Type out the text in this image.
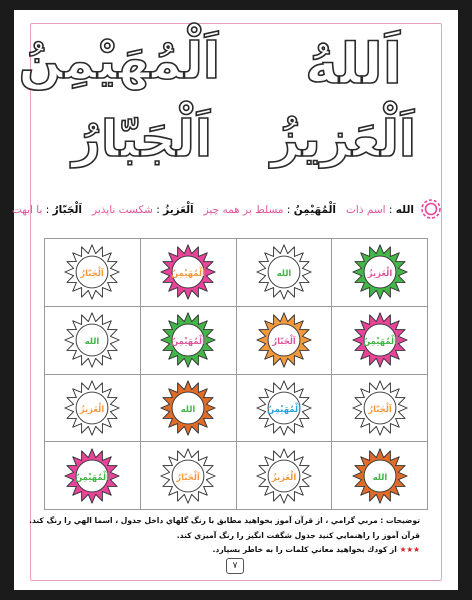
اَللهُ
اَلْمُهَيْمِنُ
اَلْعَزيزُ
اَلْجَبّارُ
الله : اسم ذات   اَلْمُهَيْمِنُ : مسلط بر همه چيز   اَلْعَزيزُ : شكست ناپذير   اَلْجَبّارُ : با ابهت
الْعَزيزُ	الله	اَلْمُهَيْمِنُ	اَلْجَبّارُ

اَلْمُهَيْمِنُ	اَلْجَبّارُ	اَلْمُهَيْمِنُ	الله

اَلْجَبّارُ	اَلْمُهَيْمِنُ	الله	الْعَزيزُ

الله	الْعَزيزُ	اَلْجَبّارُ	اَلْمُهَيْمِنُ
توضيحات : مربي گرامي ، از قرآن آموز بخواهيد مطابق با رنگ گلهاي داخل جدول ، اسما الهي را رنگ كند.
قرآن آموز را راهنمايي كنيد جدول شگفت انگيز را رنگ آميزي كند.
★★★ از كودك بخواهيد معاني كلمات را به خاطر بسپارد.
۷
